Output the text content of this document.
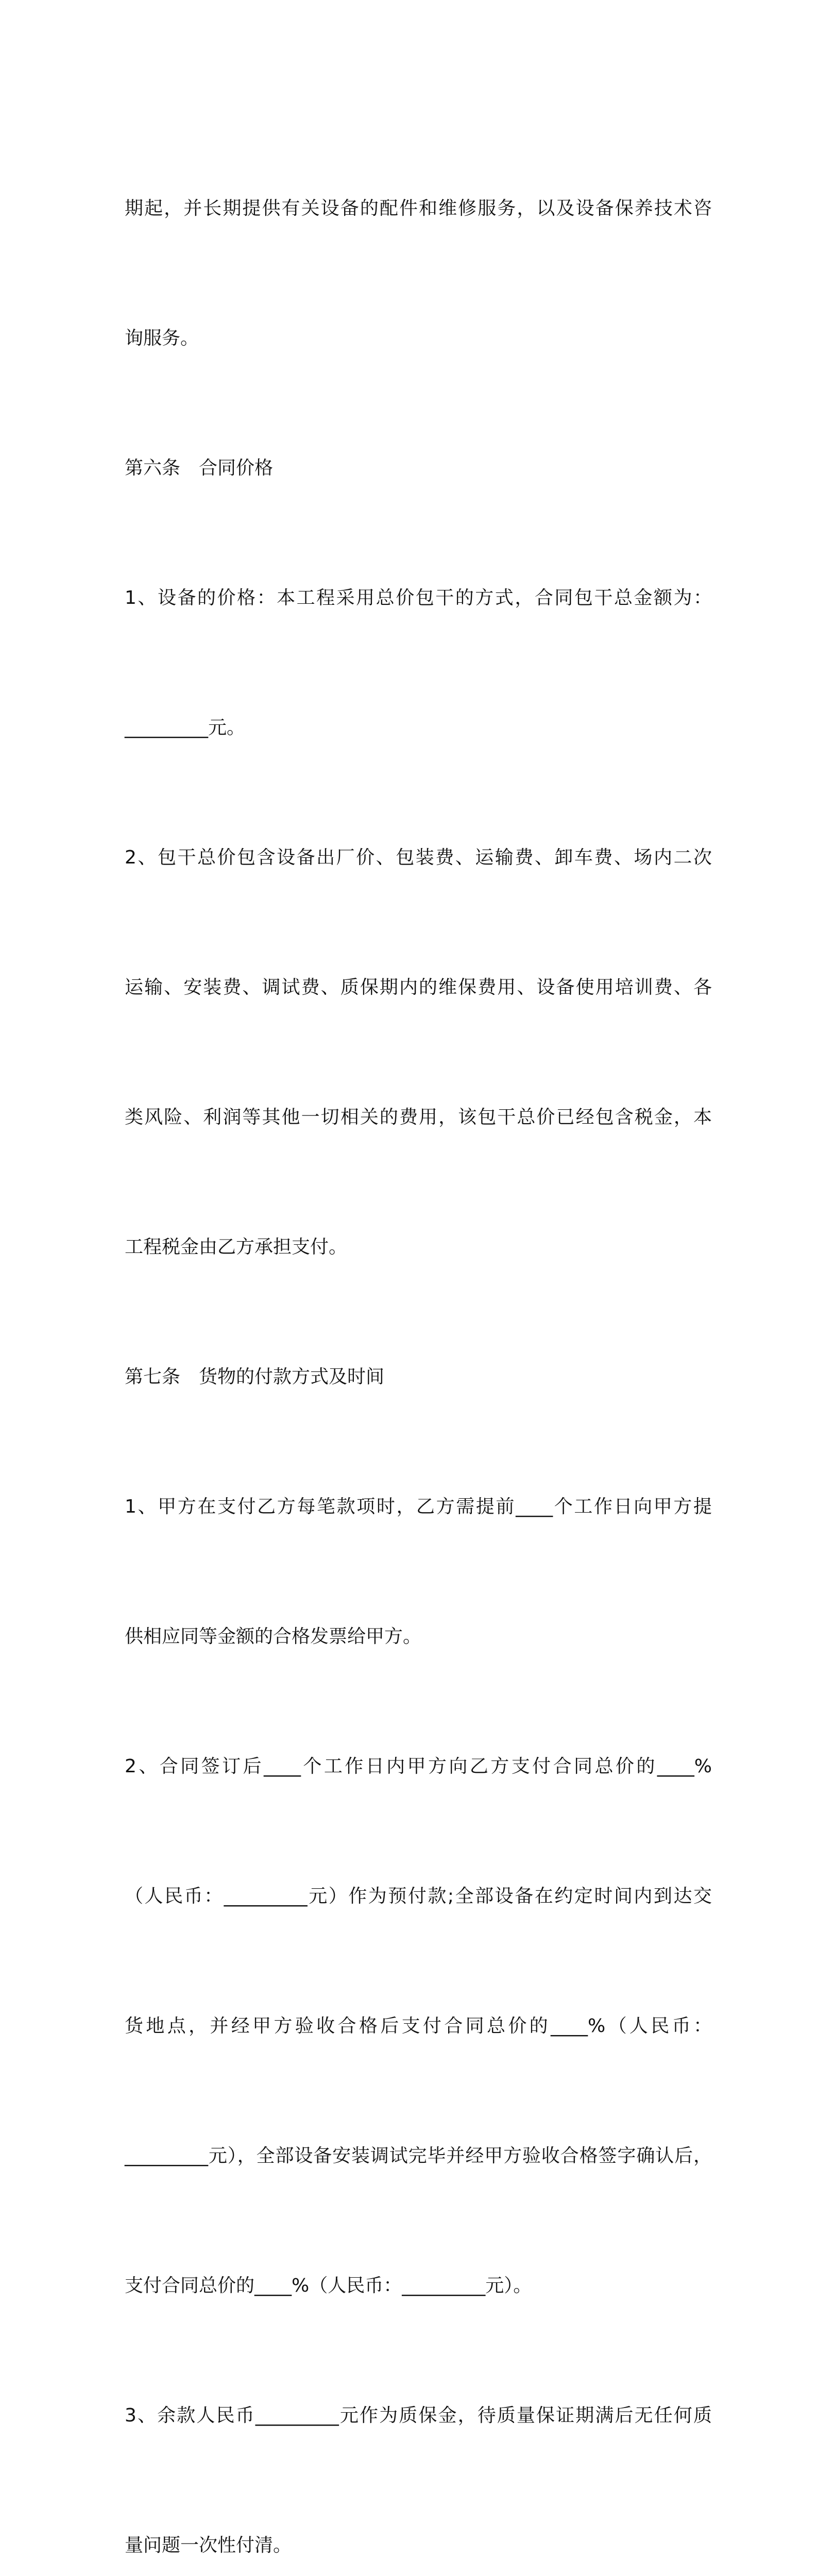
期起，并长期提供有关设备的配件和维修服务，以及设备保养技术咨

询服务。

第六条　合同价格

1、设备的价格：本工程采用总价包干的方式，合同包干总金额为：

_________元。

2、包干总价包含设备出厂价、包装费、运输费、卸车费、场内二次

运输、安装费、调试费、质保期内的维保费用、设备使用培训费、各

类风险、利润等其他一切相关的费用，该包干总价已经包含税金，本

工程税金由乙方承担支付。

第七条　货物的付款方式及时间

1、甲方在支付乙方每笔款项时，乙方需提前____个工作日向甲方提

供相应同等金额的合格发票给甲方。

2、合同签订后____个工作日内甲方向乙方支付合同总价的____%

（人民币：_________元）作为预付款;全部设备在约定时间内到达交

货地点，并经甲方验收合格后支付合同总价的____%（人民币：

_________元），全部设备安装调试完毕并经甲方验收合格签字确认后，

支付合同总价的____%（人民币：_________元）。

3、余款人民币_________元作为质保金，待质量保证期满后无任何质

量问题一次性付清。
